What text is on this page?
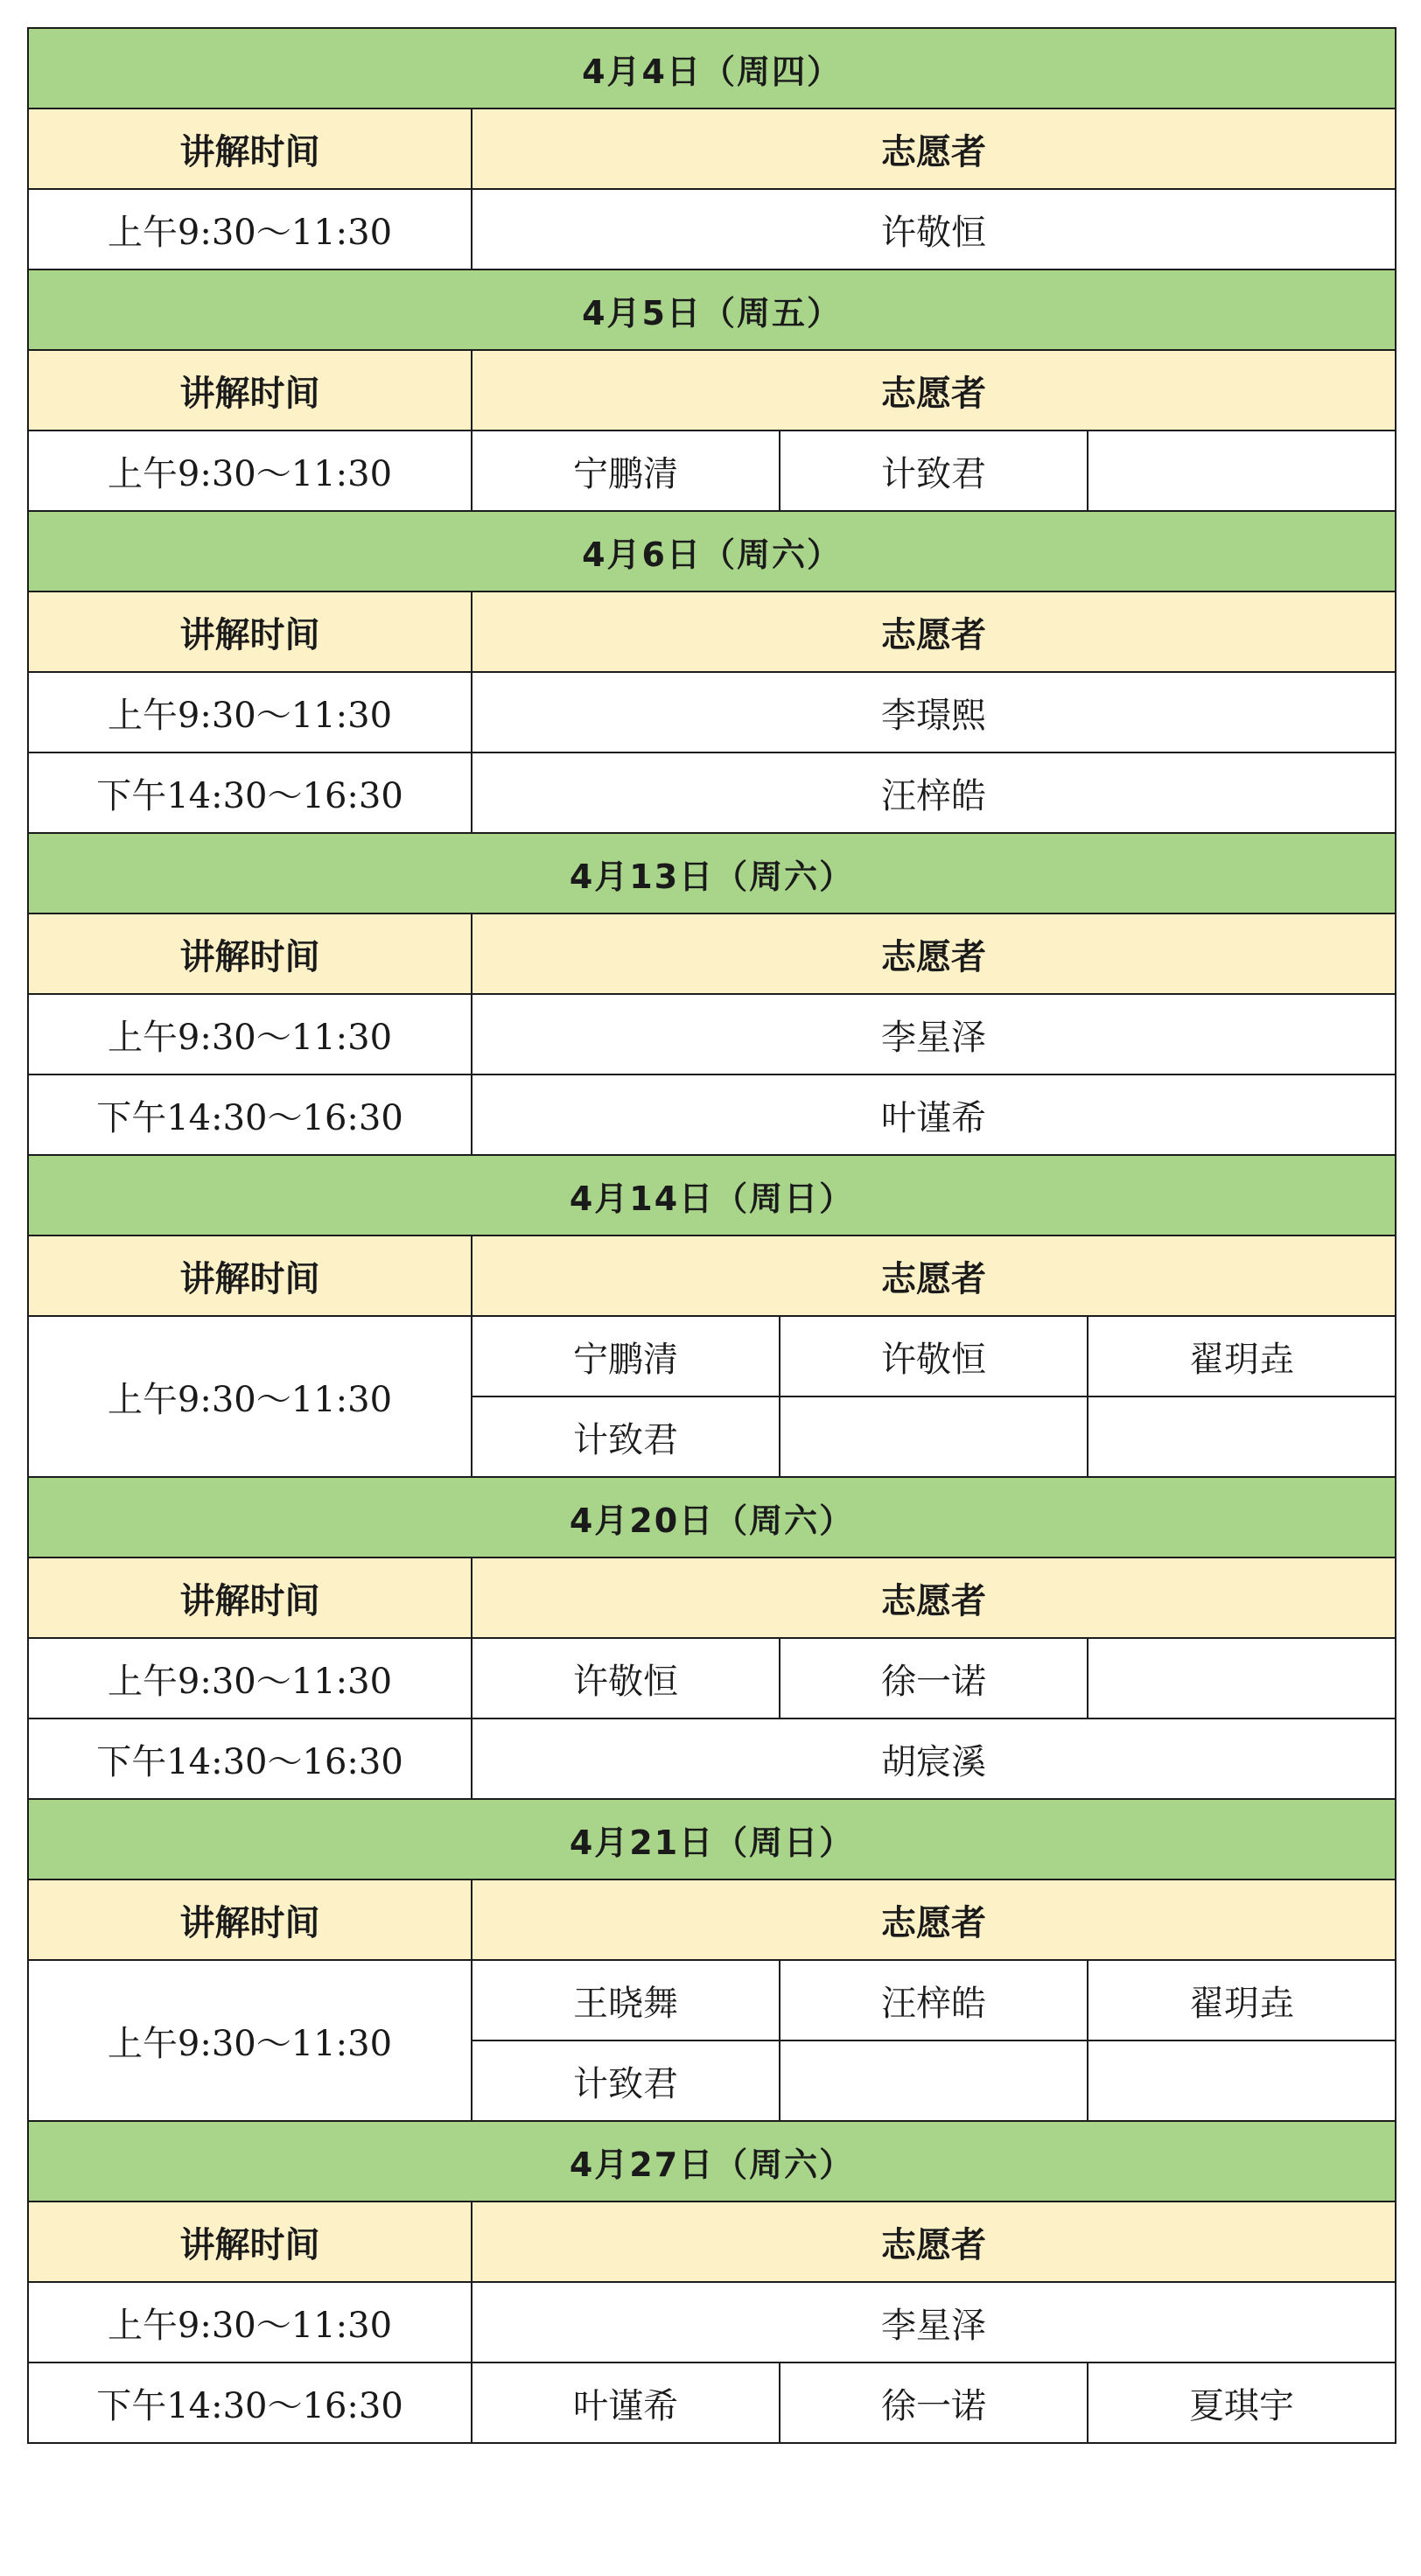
4月4日（周四）			
讲解时间	志愿者		
上午9:30～11:30	许敬恒		
4月5日（周五）			
讲解时间	志愿者		
上午9:30～11:30	宁鹏清	计致君	
4月6日（周六）			
讲解时间	志愿者		
上午9:30～11:30	李璟熙		
下午14:30～16:30	汪梓皓		
4月13日（周六）			
讲解时间	志愿者		
上午9:30～11:30	李星泽		
下午14:30～16:30	叶谨希		
4月14日（周日）			
讲解时间	志愿者		
上午9:30～11:30	宁鹏清	许敬恒	翟玥垚
	计致君		
4月20日（周六）			
讲解时间	志愿者		
上午9:30～11:30	许敬恒	徐一诺	
下午14:30～16:30	胡宸溪		
4月21日（周日）			
讲解时间	志愿者		
上午9:30～11:30	王晓舞	汪梓皓	翟玥垚
	计致君		
4月27日（周六）			
讲解时间	志愿者		
上午9:30～11:30	李星泽		
下午14:30～16:30	叶谨希	徐一诺	夏琪宇
